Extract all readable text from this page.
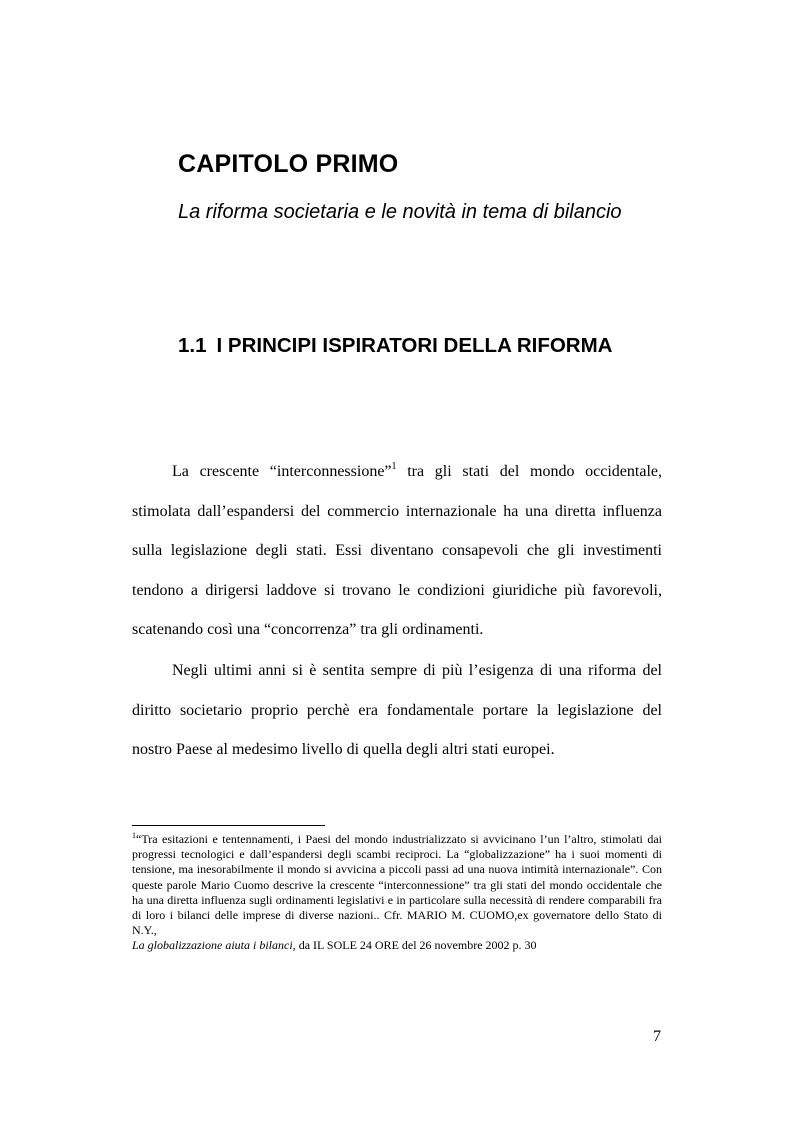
CAPITOLO PRIMO
La riforma societaria e le novità in tema di bilancio
1.1 I PRINCIPI ISPIRATORI DELLA RIFORMA

La crescente “interconnessione”$^1$ tra gli stati del mondo occidentale, stimolata dall’espandersi del commercio internazionale ha una diretta influenza sulla legislazione degli stati. Essi diventano consapevoli che gli investimenti tendono a dirigersi laddove si trovano le condizioni giuridiche più favorevoli, scatenando così una “concorrenza” tra gli ordinamenti.

Negli ultimi anni si è sentita sempre di più l’esigenza di una riforma del diritto societario proprio perchè era fondamentale portare la legislazione del nostro Paese al medesimo livello di quella degli altri stati europei.

$^1$“Tra esitazioni e tentennamenti, i Paesi del mondo industrializzato si avvicinano l’un l’altro, stimolati dai progressi tecnologici e dall’espandersi degli scambi reciproci. La “globalizzazione” ha i suoi momenti di tensione, ma inesorabilmente il mondo si avvicina a piccoli passi ad una nuova intimità internazionale”. Con queste parole Mario Cuomo descrive la crescente “interconnessione” tra gli stati del mondo occidentale che ha una diretta influenza sugli ordinamenti legislativi e in particolare sulla necessità di rendere comparabili fra di loro i bilanci delle imprese di diverse nazioni.. Cfr. MARIO M. CUOMO,ex governatore dello Stato di N.Y.,
La globalizzazione aiuta i bilanci, da IL SOLE 24 ORE del 26 novembre 2002 p. 30

7
